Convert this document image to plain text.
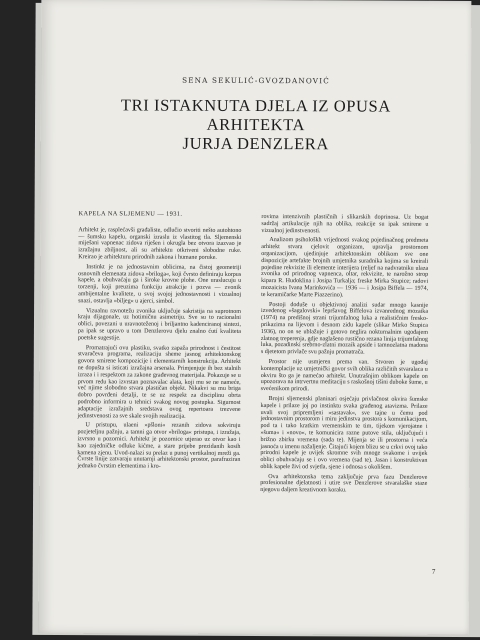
SENA SEKULIĆ-GVOZDANOVIĆ
TRI ISTAKNUTA DJELA IZ OPUSA ARHITEKTA
JURJA DENZLERA
KAPELA NA SLJEMENU — 1931.

Arhitekt je, rasplećavši građaliste, odlučio stvoriti nešto autohtono — šumsku kapelu, organski izraslu iz vlastitog tla. Sljemenski miješani vapnenac zidova riješen i okrugla bez otvora izazvao je izražajnu zbiljnost, ali su arhitektu otkriveni slobodne ruke. Kreirao je arhitekturu prirodnih zakona i humane poruke.

Instinkt je na jednostavnim oblicima, na čistoj geometriji osnovnih elemenata zidova »briloga«, koji čvrsto definiraju korpus kapele, a obuhvaćaju ga i široke krovne plohe. One uraslucuju u torzenji, koji preuzima funkciju atrakcije i pozva — zvonik ambijentalne kvalitete, u svoj svojoj jednostavnosti i vizualnoj snazi, ostavlja »biljeg« u ajerci, simbol.

Vizualnu ravnotežu zvonika uključuje sakristija na suprotnom kraju dijagonale, uz hotimičnu asimetriju. Sve su to racionalni oblici, povezani u uravnoteženoj i briljantno kadenciranoj sintezi, pa ipak se upravo u tom Denzlerovu djelu znalno ćutí kvaliteta poetske sugestije.

Promatrajući ovu plastiku, svatko zapaža prirodnost i čestitost stvaračeva programa, realizaciju sheme jasnog arhitektonskog govora smirene kompozicije i elementarnih konstrukcija. Arhitekt ne dopušta si isticati izražajna arsenala. Primjenjuje ih bez stalnih izraza i i respektom za zakone građevnog materijala. Pokazuje se u prvom redu kao izvrstan poznavalac alata, koji mu se ne nameće, već njime slobodno stvara plastičan objekt. Nikakvi su mu briga dobro povrđeni detalji, te se uz respekt za disciplinu obrta podrobno informira u tehnici svakog novog postupka. Sigurnost adaptacije izražajnih sredstava ovog repertoara trezvene jedinstvenosti za sve skale svojih realizacija.

U pristupu, ulaeni »pšloni« rezanih zidova sokviruju pozjeteljnu pažnju, a tamni ga otvor »briloga« pristupa, i izražaja, izvrsno u pozornici. Arhitekt je pozornice utjerao uz otvor kao i kao zajedničke odluke kićme, a stare prijebe prezidanih kosih kamena zjenu. Uvod-nalazi su prelaz u punoj vertikalnoj mreži ga. Čvrste linije zatvaraju unutarnji arhitektonski prostor, parafraziran jednako čvrstim elementima i kro-

rovima intenzivnih plastičnih i slikarskih doprinosa. Uz bogat sadržaj artikulacije njih na oblika, reakcije su ipak smirene u vizualnoj jedinstvenosti.

Analizom psihološkh vrijednosti svakog pojedinačnog predmeta arhitekt stvara cjelovit organizam, upravlja prostornom organizacijom, ujedinjuje arhitektonskim oblikom sve one dispozicije artefakte brojnih umjetnika suradnika kojima su kreirali pojedine rekvizite ili elemente interijera (reljef na nadvratniku ulaza zvonika od prirodnog vapnenca, oltar, rekvizite, te narožno strop kipara R. Hudoklina i Josipa Turkalja; freske Mirka Stupice; radovi mozaicista Ivana Marinkovića — 1936 — i Josipa Biffela — 1974, te keramičarke Marte Piazzerino).

Postoji doduše u objektivnoj analizi sudar mnogo kasnije izvedenog »šagalovski« lepršavog Biffelova izvanrednog mozaika (1974) na predišnoj strani trijumfalnog luka a realističnim fresko-prikazima na lijevom i desnom zidu kapele (slikar Mirko Stupica 1936), no on se ublažuje i gotovo neglira nokturnalnim ugođajem zlatnog treperenja, gdje naglašeno rustično rezana linija trijumfalnog luka, pozadinski srebrno-zlatni mozaik apside i tamnozlatna madona s djetetom privlače svu pažnju promatrača.

Prostor nije usmjeren prema van. Stvoren je ugođaj kontemplacije uz umjetnički govor svih oblika različitih stvaralaca u okviru što ga je namećao arhitekt. Unutrašnjim oblikom kapele on upozorava na intrvertnu meditaciju s raskošnoj tišini duboke šume, u svećenikom prirodi.

Brojni sljemenski planinari osjećaju privlačnost okvira šumske kapele i prilaze joj po instinktu svaka građenog atavizma. Prilaze uvali svoj pripremljeni »sastavak«, sve tajne u čemu pod jednostavnim prostorom i miru jedinstva prostora s komunikacijom, pod ta i tako kratkim vremenskim te tim, tijekom vjerojatne i »šuma« i »novo«, te komunicira razne putove stila, uključujući i brižno zbirku vremena (sada te). Mijenja se ili prostorna i veća jasnoća u imenu nažaljenje. Čitajući kojem blizu se u crkvi ovoj tako prirodni kapele je uvijek skromne svih mnoge svakome i uvijek oblici obuhvaćaju se i ovo vremena (sad te). Jasan i konstruktivan oblik kapele živi od svjetla, sjene i odnosa s okolišem.

Ova arhitektonska tema zaključuje prva fazu Denzlerove profesionalne djelatnosti i utire sve Denzlerove stvaralaške staze njegovu daljem kreativnom koraku.

7
